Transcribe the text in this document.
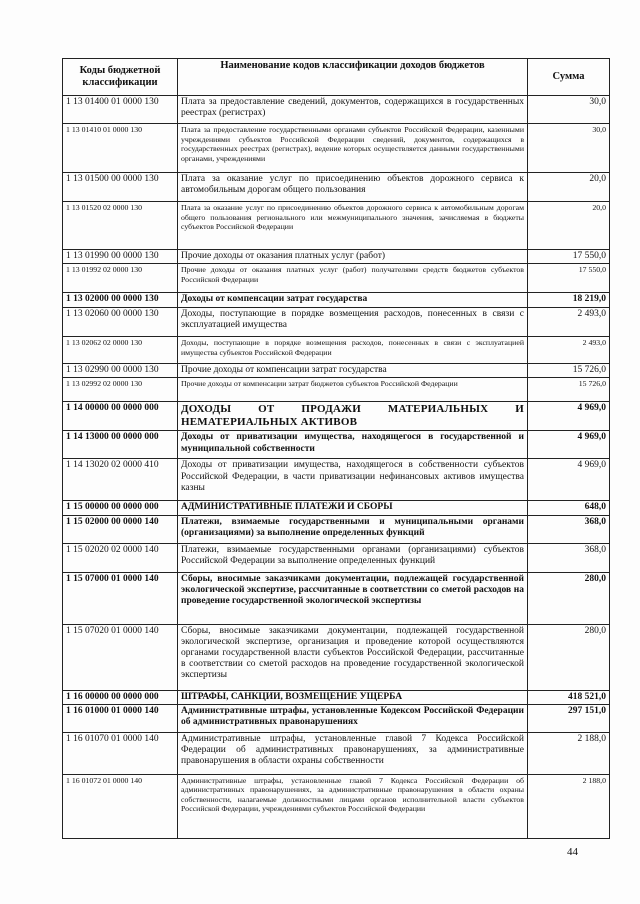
Коды бюджетной классификации	Наименование кодов классификации доходов бюджетов	Сумма
1 13 01400 01 0000 130	Плата за предоставление сведений, документов, содержащихся в государственных реестрах (регистрах)	30,0
1 13 01410 01 0000 130	Плата за предоставление государственными органами субъектов Российской Федерации, казенными учреждениями субъектов Российской Федерации сведений, документов, содержащихся в государственных реестрах (регистрах), ведение которых осуществляется данными государственными органами, учреждениями	30,0
1 13 01500 00 0000 130	Плата за оказание услуг по присоединению объектов дорожного сервиса к автомобильным дорогам общего пользования	20,0
1 13 01520 02 0000 130	Плата за оказание услуг по присоединению объектов дорожного сервиса к автомобильным дорогам общего пользования регионального или межмуниципального значения, зачисляемая в бюджеты субъектов Российской Федерации	20,0
1 13 01990 00 0000 130	Прочие доходы от оказания платных услуг (работ)	17 550,0
1 13 01992 02 0000 130	Прочие доходы от оказания платных услуг (работ) получателями средств бюджетов субъектов Российской Федерации	17 550,0
1 13 02000 00 0000 130	Доходы от компенсации затрат государства	18 219,0
1 13 02060 00 0000 130	Доходы, поступающие в порядке возмещения расходов, понесенных в связи с эксплуатацией имущества	2 493,0
1 13 02062 02 0000 130	Доходы, поступающие в порядке возмещения расходов, понесенных в связи с эксплуатацией имущества субъектов Российской Федерации	2 493,0
1 13 02990 00 0000 130	Прочие доходы от компенсации затрат государства	15 726,0
1 13 02992 02 0000 130	Прочие доходы от компенсации затрат бюджетов субъектов Российской Федерации	15 726,0
1 14 00000 00 0000 000	ДОХОДЫ ОТ ПРОДАЖИ МАТЕРИАЛЬНЫХ И НЕМАТЕРИАЛЬНЫХ АКТИВОВ	4 969,0
1 14 13000 00 0000 000	Доходы от приватизации имущества, находящегося в государственной и муниципальной собственности	4 969,0
1 14 13020 02 0000 410	Доходы от приватизации имущества, находящегося в собственности субъектов Российской Федерации, в части приватизации нефинансовых активов имущества казны	4 969,0
1 15 00000 00 0000 000	АДМИНИСТРАТИВНЫЕ ПЛАТЕЖИ И СБОРЫ	648,0
1 15 02000 00 0000 140	Платежи, взимаемые государственными и муниципальными органами (организациями) за выполнение определенных функций	368,0
1 15 02020 02 0000 140	Платежи, взимаемые государственными органами (организациями) субъектов Российской Федерации за выполнение определенных функций	368,0
1 15 07000 01 0000 140	Сборы, вносимые заказчиками документации, подлежащей государственной экологической экспертизе, рассчитанные в соответствии со сметой расходов на проведение государственной экологической экспертизы	280,0
1 15 07020 01 0000 140	Сборы, вносимые заказчиками документации, подлежащей государственной экологической экспертизе, организация и проведение которой осуществляются органами государственной власти субъектов Российской Федерации, рассчитанные в соответствии со сметой расходов на проведение государственной экологической экспертизы	280,0
1 16 00000 00 0000 000	ШТРАФЫ, САНКЦИИ, ВОЗМЕЩЕНИЕ УЩЕРБА	418 521,0
1 16 01000 01 0000 140	Административные штрафы, установленные Кодексом Российской Федерации об административных правонарушениях	297 151,0
1 16 01070 01 0000 140	Административные штрафы, установленные главой 7 Кодекса Российской Федерации об административных правонарушениях, за административные правонарушения в области охраны собственности	2 188,0
1 16 01072 01 0000 140	Административные штрафы, установленные главой 7 Кодекса Российской Федерации об административных правонарушениях, за административные правонарушения в области охраны собственности, налагаемые должностными лицами органов исполнительной власти субъектов Российской Федерации, учреждениями субъектов Российской Федерации	2 188,0
44
